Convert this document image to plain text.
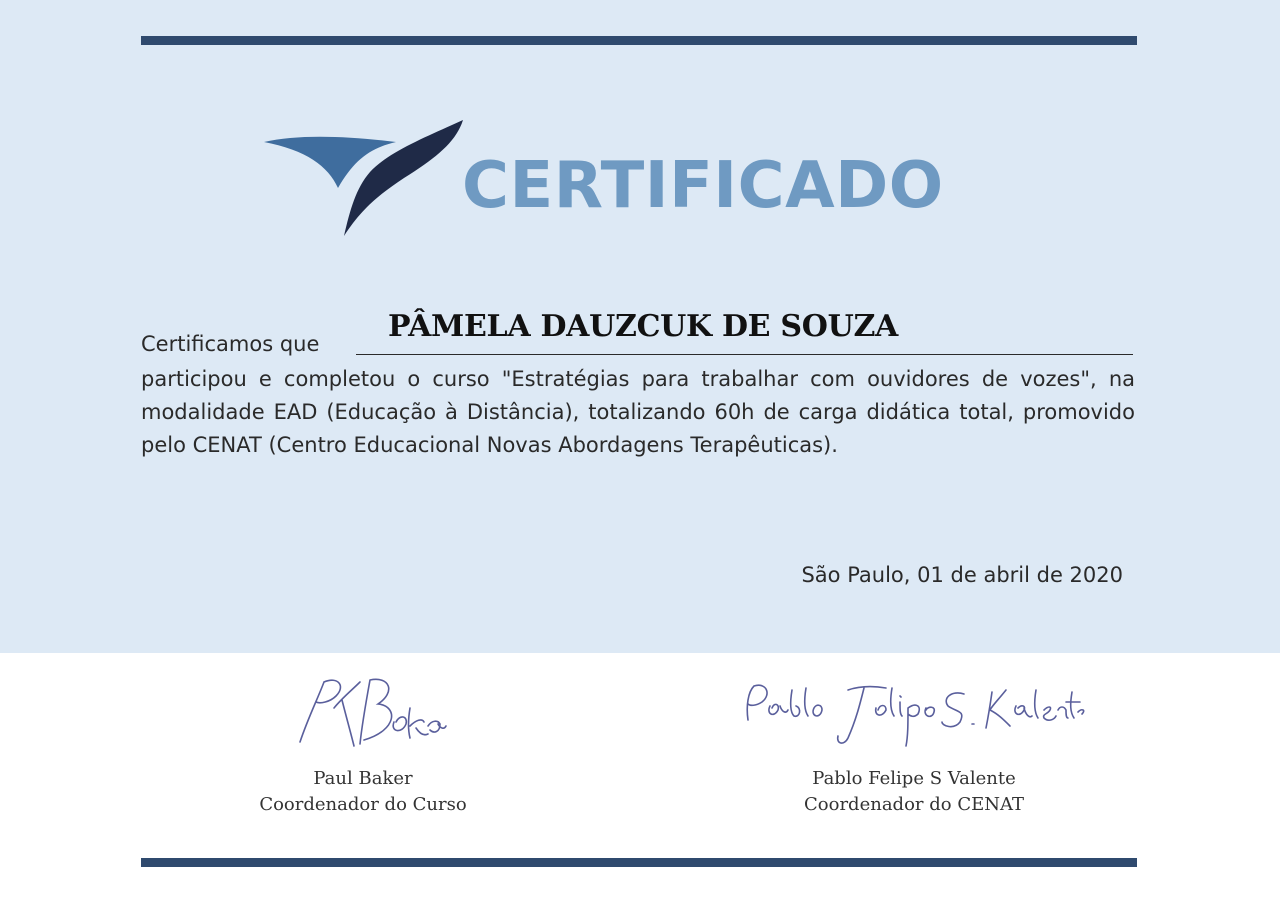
CERTIFICADO
PÂMELA DAUZCUK DE SOUZA
Certificamos que
participou e completou o curso "Estratégias para trabalhar com ouvidores de vozes", na modalidade EAD (Educação à Distância), totalizando 60h de carga didática total, promovido pelo CENAT (Centro Educacional Novas Abordagens Terapêuticas).
São Paulo, 01 de abril de 2020
Paul Baker
Coordenador do Curso
Pablo Felipe S Valente
Coordenador do CENAT
